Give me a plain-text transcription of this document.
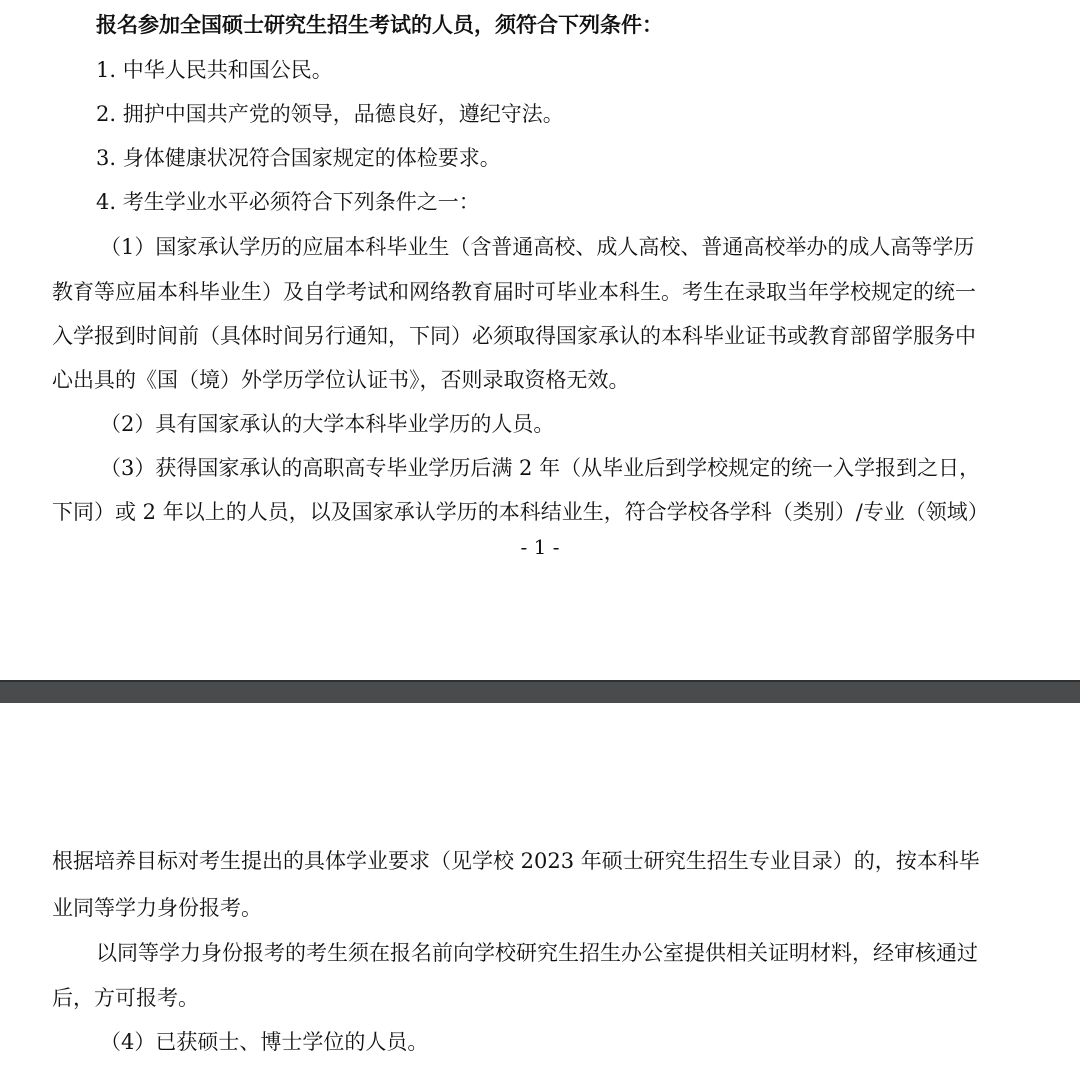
报名参加全国硕士研究生招生考试的人员，须符合下列条件：
1. 中华人民共和国公民。
2. 拥护中国共产党的领导，品德良好，遵纪守法。
3. 身体健康状况符合国家规定的体检要求。
4. 考生学业水平必须符合下列条件之一：
（1）国家承认学历的应届本科毕业生（含普通高校、成人高校、普通高校举办的成人高等学历
教育等应届本科毕业生）及自学考试和网络教育届时可毕业本科生。考生在录取当年学校规定的统一
入学报到时间前（具体时间另行通知，下同）必须取得国家承认的本科毕业证书或教育部留学服务中
心出具的《国（境）外学历学位认证书》，否则录取资格无效。
（2）具有国家承认的大学本科毕业学历的人员。
（3）获得国家承认的高职高专毕业学历后满 2 年（从毕业后到学校规定的统一入学报到之日，
下同）或 2 年以上的人员，以及国家承认学历的本科结业生，符合学校各学科（类别）/专业（领域）
- 1 -
根据培养目标对考生提出的具体学业要求（见学校 2023 年硕士研究生招生专业目录）的，按本科毕
业同等学力身份报考。
以同等学力身份报考的考生须在报名前向学校研究生招生办公室提供相关证明材料，经审核通过
后，方可报考。
（4）已获硕士、博士学位的人员。
